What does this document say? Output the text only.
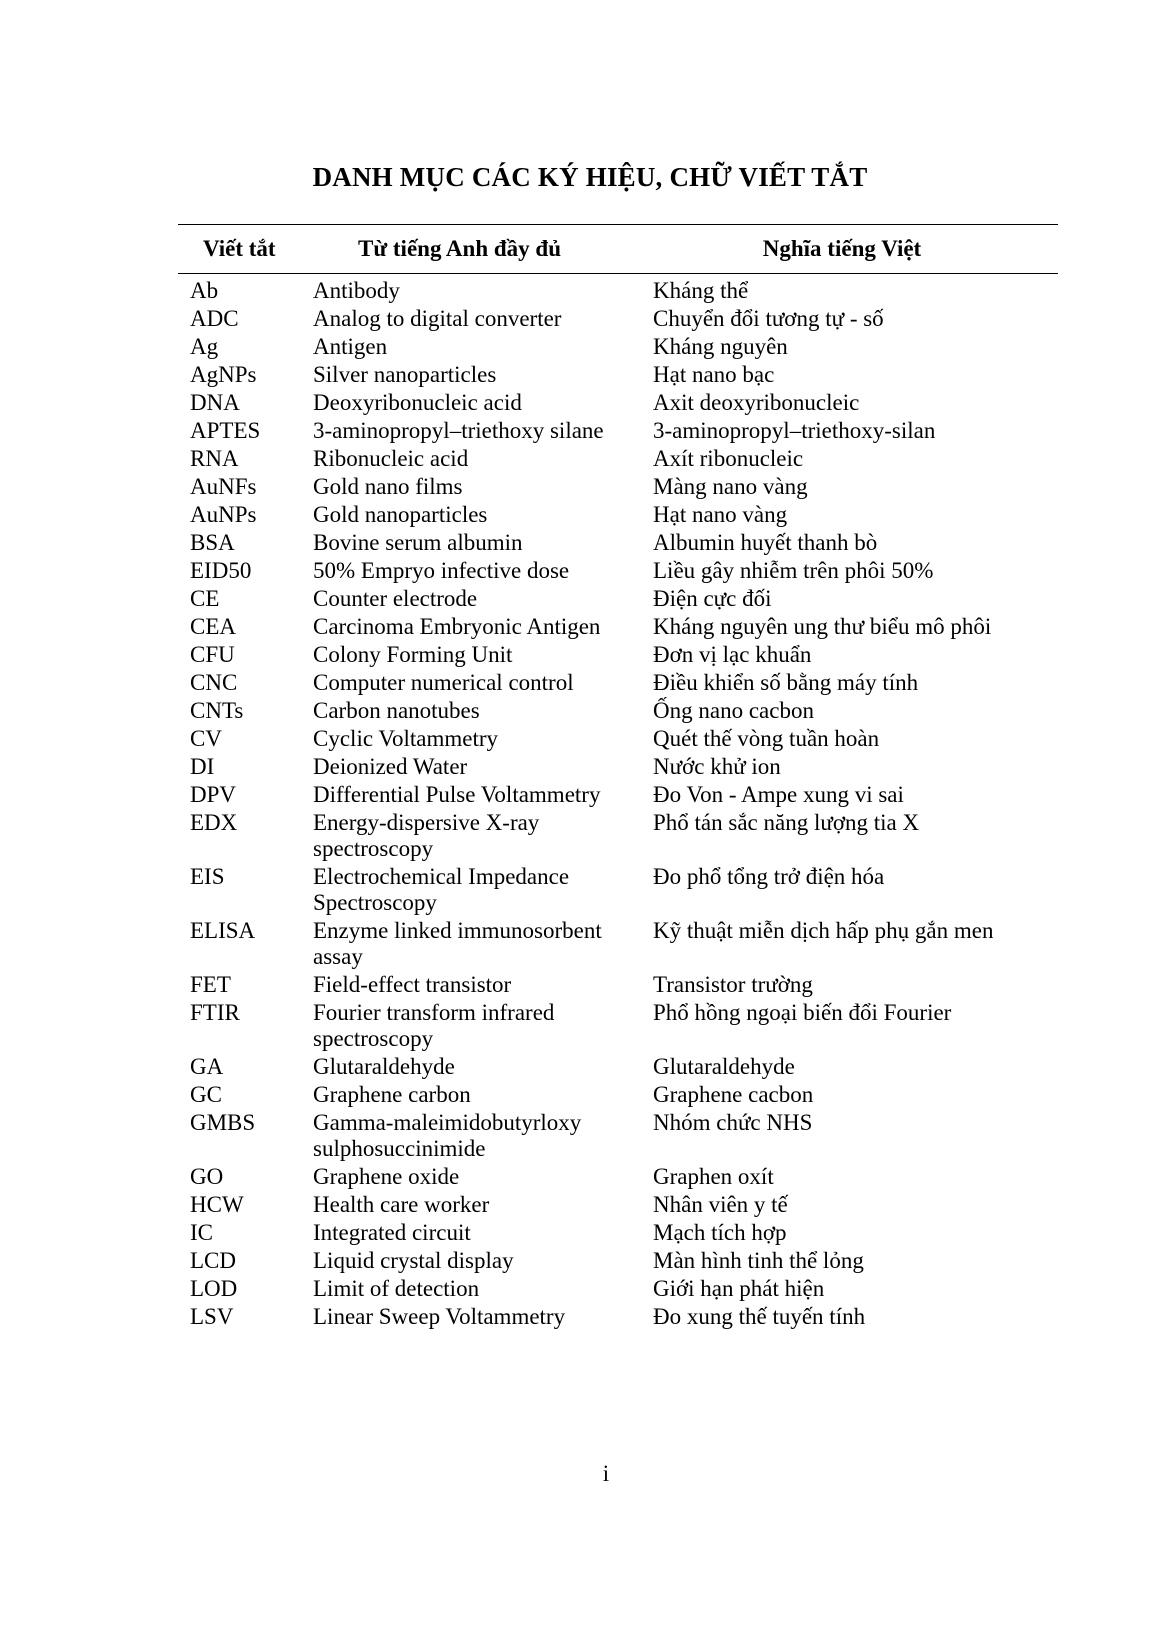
DANH MỤC CÁC KÝ HIỆU, CHỮ VIẾT TẮT
Viết tắt	Từ tiếng Anh đầy đủ	Nghĩa tiếng Việt
Ab	Antibody	Kháng thể
ADC	Analog to digital converter	Chuyển đổi tương tự - số
Ag	Antigen	Kháng nguyên
AgNPs	Silver nanoparticles	Hạt nano bạc
DNA	Deoxyribonucleic acid	Axit deoxyribonucleic
APTES	3-aminopropyl–triethoxy silane	3-aminopropyl–triethoxy-silan
RNA	Ribonucleic acid	Axít ribonucleic
AuNFs	Gold nano films	Màng nano vàng
AuNPs	Gold nanoparticles	Hạt nano vàng
BSA	Bovine serum albumin	Albumin huyết thanh bò
EID50	50% Empryo infective dose	Liều gây nhiễm trên phôi 50%
CE	Counter electrode	Điện cực đối
CEA	Carcinoma Embryonic Antigen	Kháng nguyên ung thư biểu mô phôi
CFU	Colony Forming Unit	Đơn vị lạc khuẩn
CNC	Computer numerical control	Điều khiển số bằng máy tính
CNTs	Carbon nanotubes	Ống nano cacbon
CV	Cyclic Voltammetry	Quét thế vòng tuần hoàn
DI	Deionized Water	Nước khử ion
DPV	Differential Pulse Voltammetry	Đo Von - Ampe xung vi sai
EDX	Energy-dispersive X-ray spectroscopy	Phổ tán sắc năng lượng tia X
EIS	Electrochemical Impedance Spectroscopy	Đo phổ tổng trở điện hóa
ELISA	Enzyme linked immunosorbent assay	Kỹ thuật miễn dịch hấp phụ gắn men
FET	Field-effect transistor	Transistor trường
FTIR	Fourier transform infrared spectroscopy	Phổ hồng ngoại biến đổi Fourier
GA	Glutaraldehyde	Glutaraldehyde
GC	Graphene carbon	Graphene cacbon
GMBS	Gamma-maleimidobutyrloxy sulphosuccinimide	Nhóm chức NHS
GO	Graphene oxide	Graphen oxít
HCW	Health care worker	Nhân viên y tế
IC	Integrated circuit	Mạch tích hợp
LCD	Liquid crystal display	Màn hình tinh thể lỏng
LOD	Limit of detection	Giới hạn phát hiện
LSV	Linear Sweep Voltammetry	Đo xung thế tuyến tính
i
